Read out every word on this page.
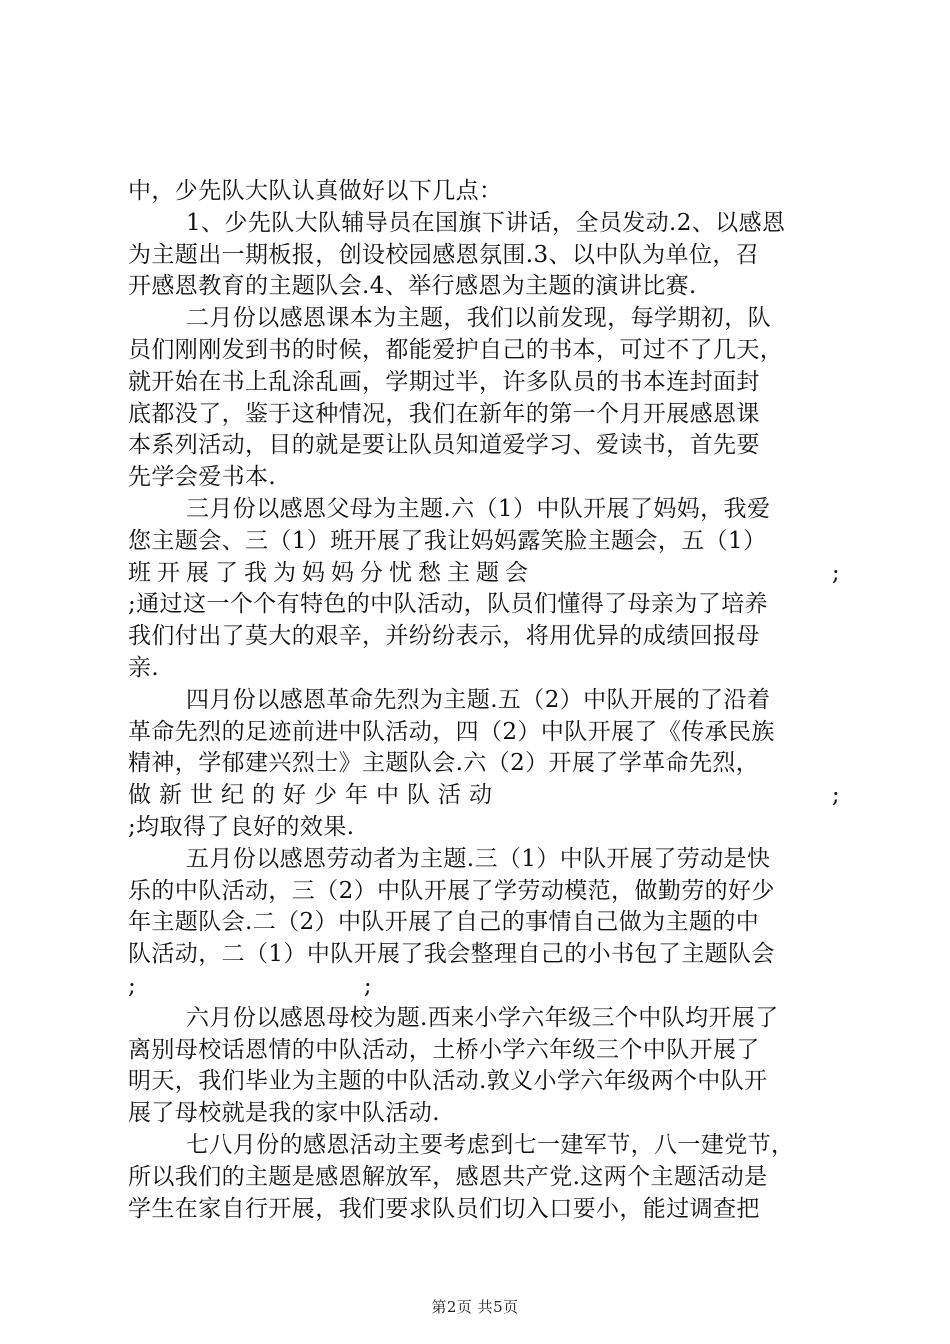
中，少先队大队认真做好以下几点：
1、少先队大队辅导员在国旗下讲话，全员发动.2、以感恩
为主题出一期板报，创设校园感恩氛围.3、以中队为单位，召
开感恩教育的主题队会.4、举行感恩为主题的演讲比赛.
二月份以感恩课本为主题，我们以前发现，每学期初，队
员们刚刚发到书的时候，都能爱护自己的书本，可过不了几天，
就开始在书上乱涂乱画，学期过半，许多队员的书本连封面封
底都没了，鉴于这种情况，我们在新年的第一个月开展感恩课
本系列活动，目的就是要让队员知道爱学习、爱读书，首先要
先学会爱书本.
三月份以感恩父母为主题.六（1）中队开展了妈妈，我爱
您主题会、三（1）班开展了我让妈妈露笑脸主题会，五（1）
班开展了我为妈妈分忧愁主题会	;
;通过这一个个有特色的中队活动，队员们懂得了母亲为了培养
我们付出了莫大的艰辛，并纷纷表示，将用优异的成绩回报母
亲.
四月份以感恩革命先烈为主题.五（2）中队开展的了沿着
革命先烈的足迹前进中队活动，四（2）中队开展了《传承民族
精神，学郁建兴烈士》主题队会.六（2）开展了学革命先烈，
做新世纪的好少年中队活动	;
;均取得了良好的效果.
五月份以感恩劳动者为主题.三（1）中队开展了劳动是快
乐的中队活动，三（2）中队开展了学劳动模范，做勤劳的好少
年主题队会.二（2）中队开展了自己的事情自己做为主题的中
队活动，二（1）中队开展了我会整理自己的小书包了主题队会
;	;
六月份以感恩母校为题.西来小学六年级三个中队均开展了
离别母校话恩情的中队活动，土桥小学六年级三个中队开展了
明天，我们毕业为主题的中队活动.敦义小学六年级两个中队开
展了母校就是我的家中队活动.
七八月份的感恩活动主要考虑到七一建军节，八一建党节，
所以我们的主题是感恩解放军，感恩共产党.这两个主题活动是
学生在家自行开展，我们要求队员们切入口要小，能过调查把
第2页 共5页
